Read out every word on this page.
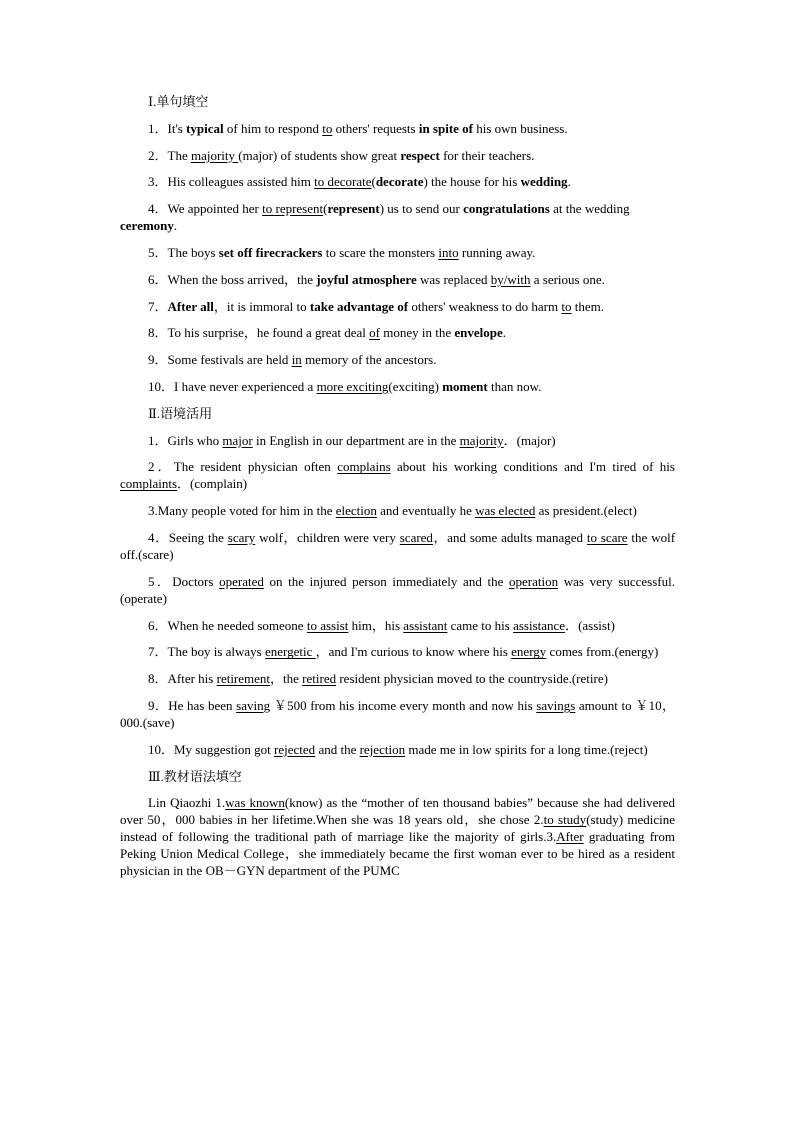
Ⅰ.单句填空
1．It's typical of him to respond to others' requests in spite of his own business.
2．The majority (major) of students show great respect for their teachers.
3．His colleagues assisted him to decorate(decorate) the house for his wedding.
4．We appointed her to represent(represent) us to send our congratulations at the wedding ceremony.
5．The boys set off firecrackers to scare the monsters into running away.
6．When the boss arrived，the joyful atmosphere was replaced by/with a serious one.
7．After all，it is immoral to take advantage of others' weakness to do harm to them.
8．To his surprise，he found a great deal of money in the envelope.
9．Some festivals are held in memory of the ancestors.
10．I have never experienced a more exciting(exciting) moment than now.
Ⅱ.语境活用
1．Girls who major in English in our department are in the majority．(major)
2．The resident physician often complains about his working conditions and I'm tired of his complaints．(complain)
3.Many people voted for him in the election and eventually he was elected as president.(elect)
4．Seeing the scary wolf，children were very scared，and some adults managed to scare the wolf off.(scare)
5．Doctors operated on the injured person immediately and the operation was very successful.(operate)
6．When he needed someone to assist him，his assistant came to his assistance．(assist)
7．The boy is always energetic ，and I'm curious to know where his energy comes from.(energy)
8．After his retirement，the retired resident physician moved to the countryside.(retire)
9．He has been saving ￥500 from his income every month and now his savings amount to ￥10，000.(save)
10．My suggestion got rejected and the rejection made me in low spirits for a long time.(reject)
Ⅲ.教材语法填空
Lin Qiaozhi 1.was known(know) as the “mother of ten thousand babies” because she had delivered over 50，000 babies in her lifetime.When she was 18 years old，she chose 2.to study(study) medicine instead of following the traditional path of marriage like the majority of girls.3.After graduating from Peking Union Medical College，she immediately became the first woman ever to be hired as a resident physician in the OB－GYN department of the PUMC
